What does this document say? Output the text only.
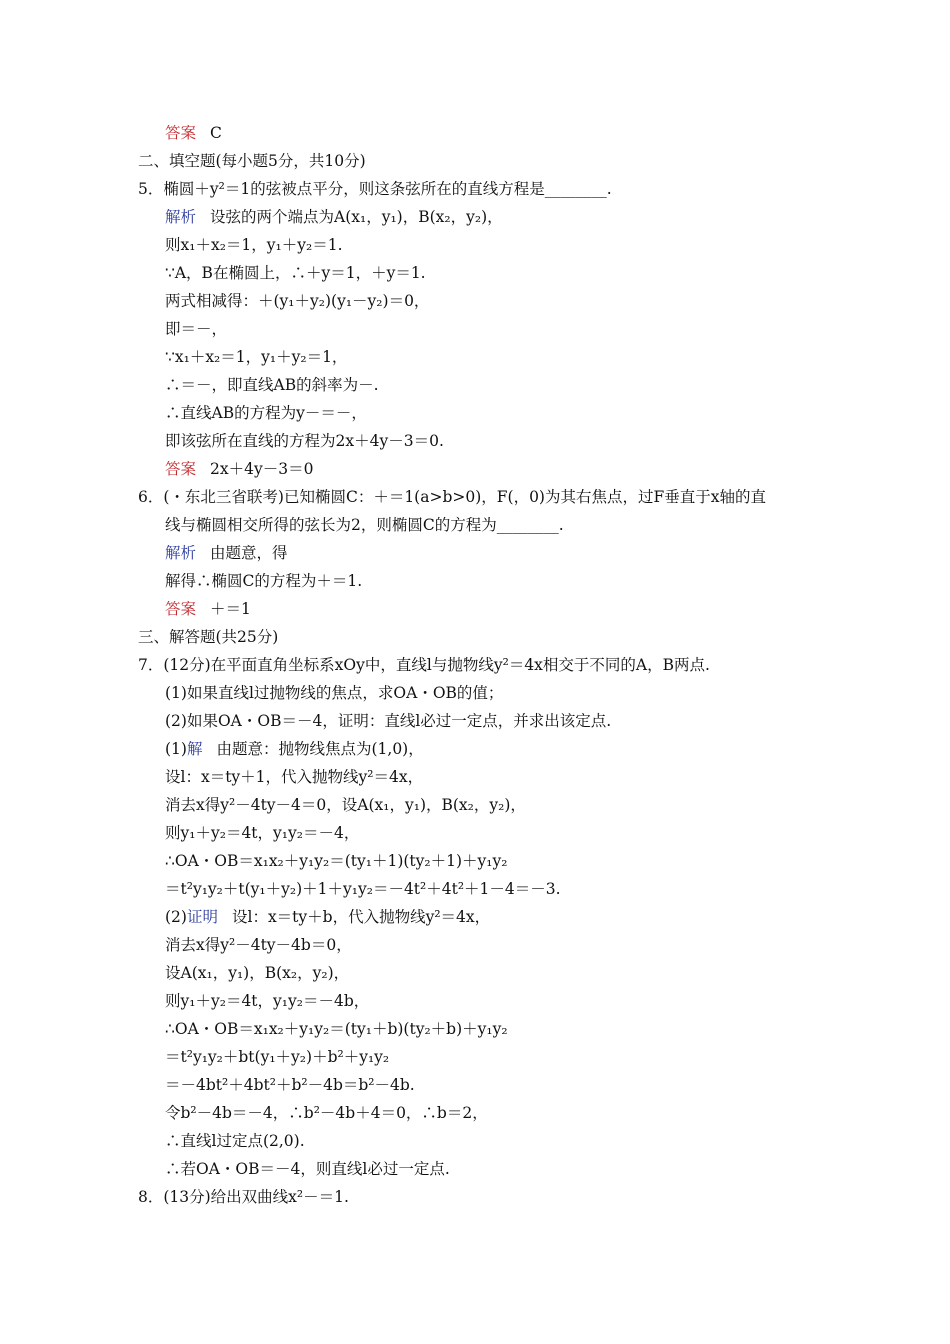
答案 C
二、填空题(每小题5分，共10分)
5．椭圆＋y²＝1的弦被点平分，则这条弦所在的直线方程是________.
解析 设弦的两个端点为A(x₁，y₁)，B(x₂，y₂)，
则x₁＋x₂＝1，y₁＋y₂＝1.
∵A，B在椭圆上，∴＋y＝1，＋y＝1.
两式相减得：＋(y₁＋y₂)(y₁－y₂)＝0，
即＝－，
∵x₁＋x₂＝1，y₁＋y₂＝1，
∴＝－，即直线AB的斜率为－.
∴直线AB的方程为y－＝－，
即该弦所在直线的方程为2x＋4y－3＝0.
答案 2x＋4y－3＝0
6．(・东北三省联考)已知椭圆C：＋＝1(a>b>0)，F(，0)为其右焦点，过F垂直于x轴的直
线与椭圆相交所得的弦长为2，则椭圆C的方程为________.
解析 由题意，得
解得∴椭圆C的方程为＋＝1.
答案 ＋＝1
三、解答题(共25分)
7．(12分)在平面直角坐标系xOy中，直线l与抛物线y²＝4x相交于不同的A，B两点.
(1)如果直线l过抛物线的焦点，求OA・OB的值；
(2)如果OA・OB＝－4，证明：直线l必过一定点，并求出该定点.
(1)解 由题意：抛物线焦点为(1,0)，
设l：x＝ty＋1，代入抛物线y²＝4x，
消去x得y²－4ty－4＝0，设A(x₁，y₁)，B(x₂，y₂)，
则y₁＋y₂＝4t，y₁y₂＝－4，
∴OA・OB＝x₁x₂＋y₁y₂＝(ty₁＋1)(ty₂＋1)＋y₁y₂
＝t²y₁y₂＋t(y₁＋y₂)＋1＋y₁y₂＝－4t²＋4t²＋1－4＝－3.
(2)证明 设l：x＝ty＋b，代入抛物线y²＝4x，
消去x得y²－4ty－4b＝0，
设A(x₁，y₁)，B(x₂，y₂)，
则y₁＋y₂＝4t，y₁y₂＝－4b，
∴OA・OB＝x₁x₂＋y₁y₂＝(ty₁＋b)(ty₂＋b)＋y₁y₂
＝t²y₁y₂＋bt(y₁＋y₂)＋b²＋y₁y₂
＝－4bt²＋4bt²＋b²－4b＝b²－4b.
令b²－4b＝－4，∴b²－4b＋4＝0，∴b＝2，
∴直线l过定点(2,0).
∴若OA・OB＝－4，则直线l必过一定点.
8．(13分)给出双曲线x²－＝1.
